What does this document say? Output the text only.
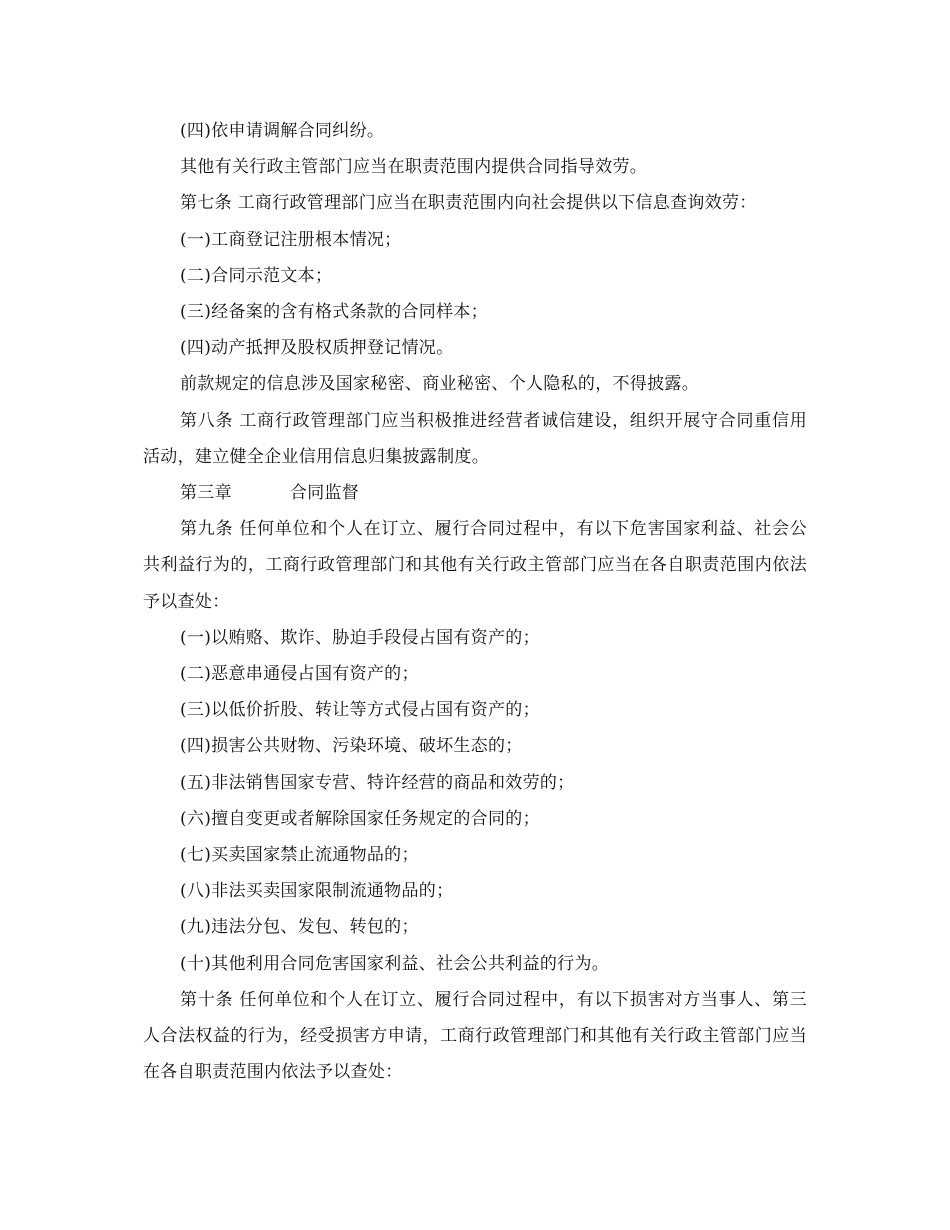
(四)依申请调解合同纠纷。

其他有关行政主管部门应当在职责范围内提供合同指导效劳。

第七条 工商行政管理部门应当在职责范围内向社会提供以下信息查询效劳：

(一)工商登记注册根本情况；

(二)合同示范文本；

(三)经备案的含有格式条款的合同样本；

(四)动产抵押及股权质押登记情况。

前款规定的信息涉及国家秘密、商业秘密、个人隐私的，不得披露。

第八条 工商行政管理部门应当积极推进经营者诚信建设，组织开展守合同重信用活动，建立健全企业信用信息归集披露制度。

第三章	合同监督

第九条 任何单位和个人在订立、履行合同过程中，有以下危害国家利益、社会公共利益行为的，工商行政管理部门和其他有关行政主管部门应当在各自职责范围内依法予以查处：

(一)以贿赂、欺诈、胁迫手段侵占国有资产的；

(二)恶意串通侵占国有资产的；

(三)以低价折股、转让等方式侵占国有资产的；

(四)损害公共财物、污染环境、破坏生态的；

(五)非法销售国家专营、特许经营的商品和效劳的；

(六)擅自变更或者解除国家任务规定的合同的；

(七)买卖国家禁止流通物品的；

(八)非法买卖国家限制流通物品的；

(九)违法分包、发包、转包的；

(十)其他利用合同危害国家利益、社会公共利益的行为。

第十条 任何单位和个人在订立、履行合同过程中，有以下损害对方当事人、第三人合法权益的行为，经受损害方申请，工商行政管理部门和其他有关行政主管部门应当在各自职责范围内依法予以查处：
